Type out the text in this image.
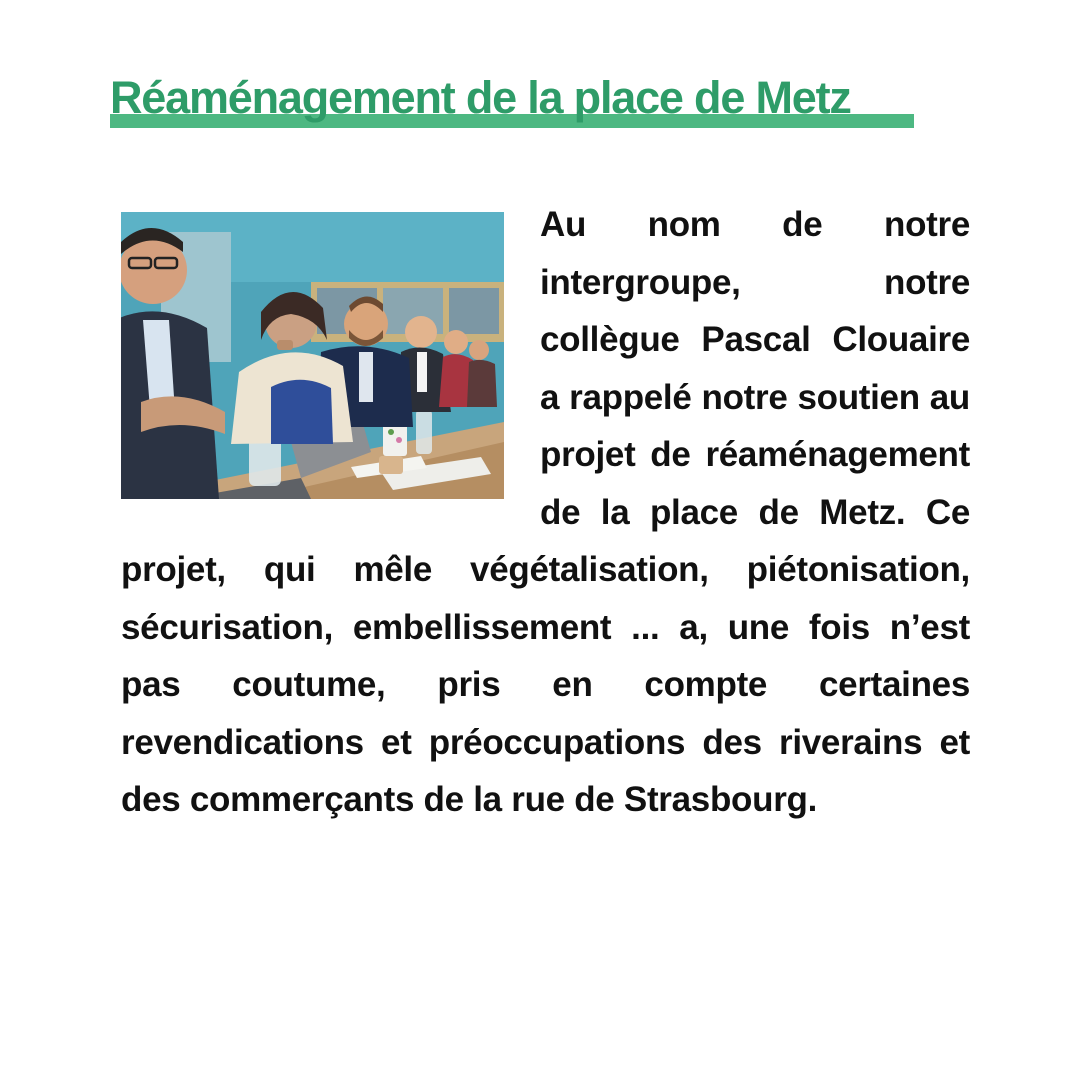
Réaménagement de la place de Metz
Au nom de notre intergroupe, notre collègue Pascal Clouaire a rappelé notre soutien au projet de réaménagement de la place de Metz. Ce projet, qui mêle végétalisation, piétonisation, sécurisation, embellissement ... a, une fois n’est pas coutume, pris en compte certaines revendications et préoccupations des riverains et des commerçants de la rue de Strasbourg.
